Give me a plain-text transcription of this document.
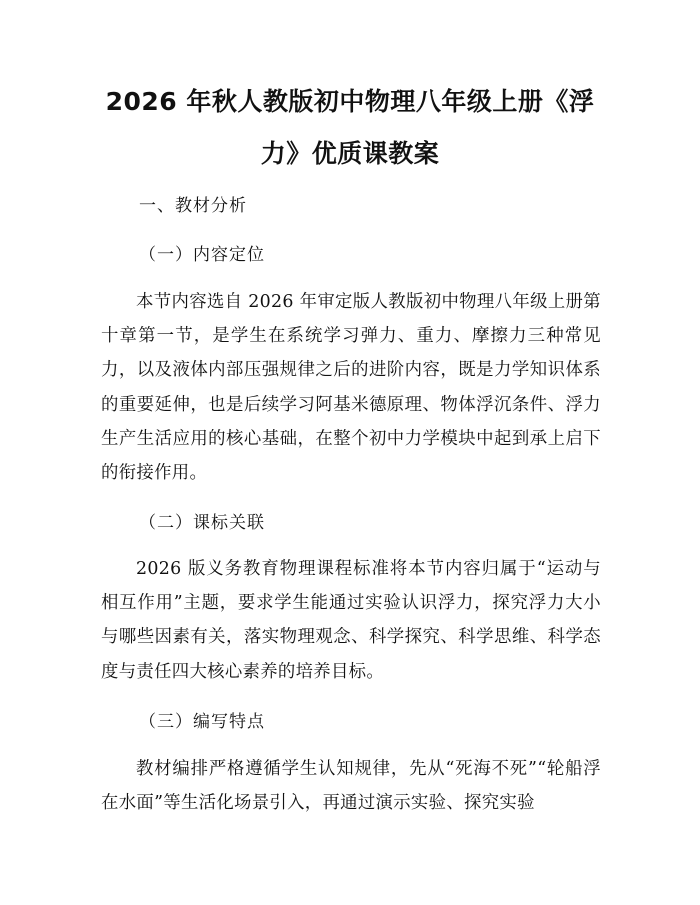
2026 年秋人教版初中物理八年级上册《浮
力》优质课教案
一、教材分析
（一）内容定位

本节内容选自 2026 年审定版人教版初中物理八年级上册第十章第一节，是学生在系统学习弹力、重力、摩擦力三种常见力，以及液体内部压强规律之后的进阶内容，既是力学知识体系的重要延伸，也是后续学习阿基米德原理、物体浮沉条件、浮力生产生活应用的核心基础，在整个初中力学模块中起到承上启下的衔接作用。

（二）课标关联

2026 版义务教育物理课程标准将本节内容归属于“运动与相互作用”主题，要求学生能通过实验认识浮力，探究浮力大小与哪些因素有关，落实物理观念、科学探究、科学思维、科学态度与责任四大核心素养的培养目标。

（三）编写特点

教材编排严格遵循学生认知规律，先从“死海不死”“轮船浮在水面”等生活化场景引入，再通过演示实验、探究实验
